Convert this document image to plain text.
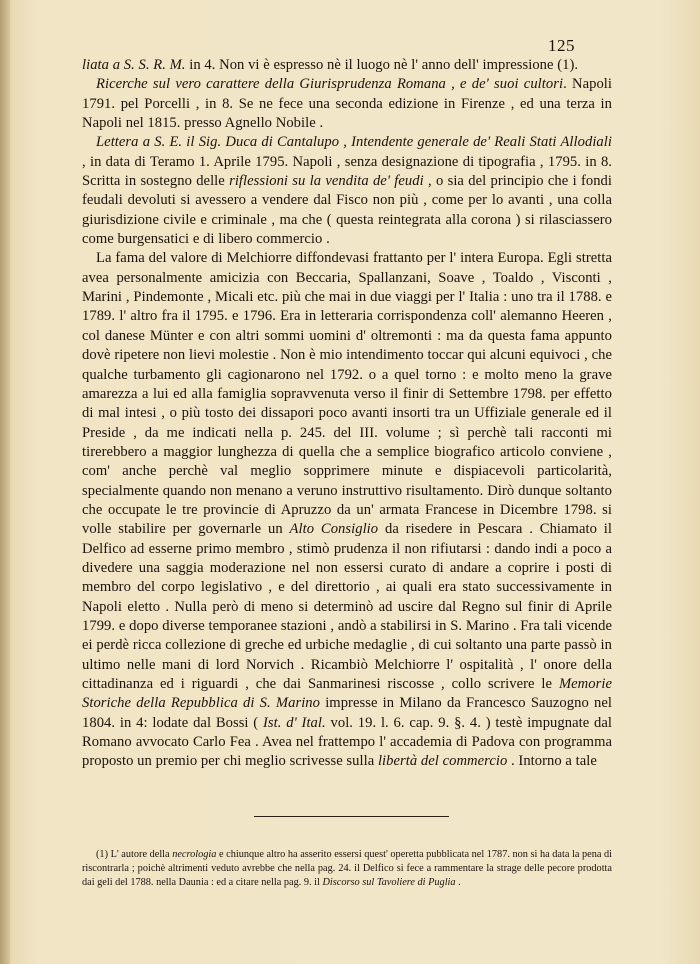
125

liata a S. S. R. M. in 4. Non vi è espresso nè il luogo nè l' anno dell' impressione (1).

Ricerche sul vero carattere della Giurisprudenza Romana , e de' suoi cultori. Napoli 1791. pel Porcelli , in 8. Se ne fece una seconda edizione in Firenze , ed una terza in Napoli nel 1815. presso Agnello Nobile .

Lettera a S. E. il Sig. Duca di Cantalupo , Intendente generale de' Reali Stati Allodiali , in data di Teramo 1. Aprile 1795. Napoli , senza designazione di tipografia , 1795. in 8. Scritta in sostegno delle riflessioni su la vendita de' feudi , o sia del principio che i fondi feudali devoluti si avessero a vendere dal Fisco non più , come per lo avanti , una colla giurisdizione civile e criminale , ma che ( questa reintegrata alla corona ) si rilasciassero come burgensatici e di libero commercio .

La fama del valore di Melchiorre diffondevasi frattanto per l' intera Europa. Egli stretta avea personalmente amicizia con Beccaria, Spallanzani, Soave , Toaldo , Visconti , Marini , Pindemonte , Micali etc. più che mai in due viaggi per l' Italia : uno tra il 1788. e 1789. l' altro fra il 1795. e 1796. Era in letteraria corrispondenza coll' alemanno Heeren , col danese Münter e con altri sommi uomini d' oltremonti : ma da questa fama appunto dovè ripetere non lievi molestie . Non è mio intendimento toccar qui alcuni equivoci , che qualche turbamento gli cagionarono nel 1792. o a quel torno : e molto meno la grave amarezza a lui ed alla famiglia sopravvenuta verso il finir di Settembre 1798. per effetto di mal intesi , o più tosto dei dissapori poco avanti insorti tra un Uffiziale generale ed il Preside , da me indicati nella p. 245. del III. volume ; sì perchè tali racconti mi tirerebbero a maggior lunghezza di quella che a semplice biografico articolo conviene , com' anche perchè val meglio sopprimere minute e dispiacevoli particolarità, specialmente quando non menano a veruno instruttivo risultamento. Dirò dunque soltanto che occupate le tre provincie di Apruzzo da un' armata Francese in Dicembre 1798. si volle stabilire per governarle un Alto Consiglio da risedere in Pescara . Chiamato il Delfico ad esserne primo membro , stimò prudenza il non rifiutarsi : dando indi a poco a divedere una saggia moderazione nel non essersi curato di andare a coprire i posti di membro del corpo legislativo , e del direttorio , ai quali era stato successivamente in Napoli eletto . Nulla però di meno si determinò ad uscire dal Regno sul finir di Aprile 1799. e dopo diverse temporanee stazioni , andò a stabilirsi in S. Marino . Fra tali vicende ei perdè ricca collezione di greche ed urbiche medaglie , di cui soltanto una parte passò in ultimo nelle mani di lord Norvich . Ricambiò Melchiorre l' ospitalità , l' onore della cittadinanza ed i riguardi , che dai Sanmarinesi riscosse , collo scrivere le Memorie Storiche della Repubblica di S. Marino impresse in Milano da Francesco Sauzogno nel 1804. in 4: lodate dal Bossi ( Ist. d' Ital. vol. 19. l. 6. cap. 9. §. 4. ) testè impugnate dal Romano avvocato Carlo Fea . Avea nel frattempo l' accademia di Padova con programma proposto un premio per chi meglio scrivesse sulla libertà del commercio . Intorno a tale

(1) L' autore della necrologia e chiunque altro ha asserito essersi quest' operetta pubblicata nel 1787. non si ha data la pena di riscontrarla ; poichè altrimenti veduto avrebbe che nella pag. 24. il Delfico si fece a rammentare la strage delle pecore prodotta dai geli del 1788. nella Daunia : ed a citare nella pag. 9. il Discorso sul Tavoliere di Puglia .
